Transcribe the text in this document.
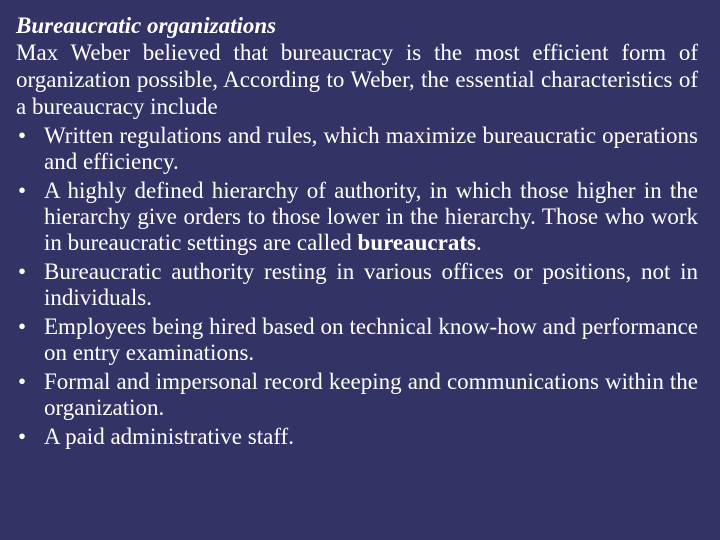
Bureaucratic organizations

Max Weber believed that bureaucracy is the most efficient form of organization possible, According to Weber, the essential characteristics of a bureaucracy include

• Written regulations and rules, which maximize bureaucratic operations and efficiency.
• A highly defined hierarchy of authority, in which those higher in the hierarchy give orders to those lower in the hierarchy. Those who work in bureaucratic settings are called bureaucrats.
• Bureaucratic authority resting in various offices or positions, not in individuals.
• Employees being hired based on technical know-how and performance on entry examinations.
• Formal and impersonal record keeping and communications within the organization.
• A paid administrative staff.
